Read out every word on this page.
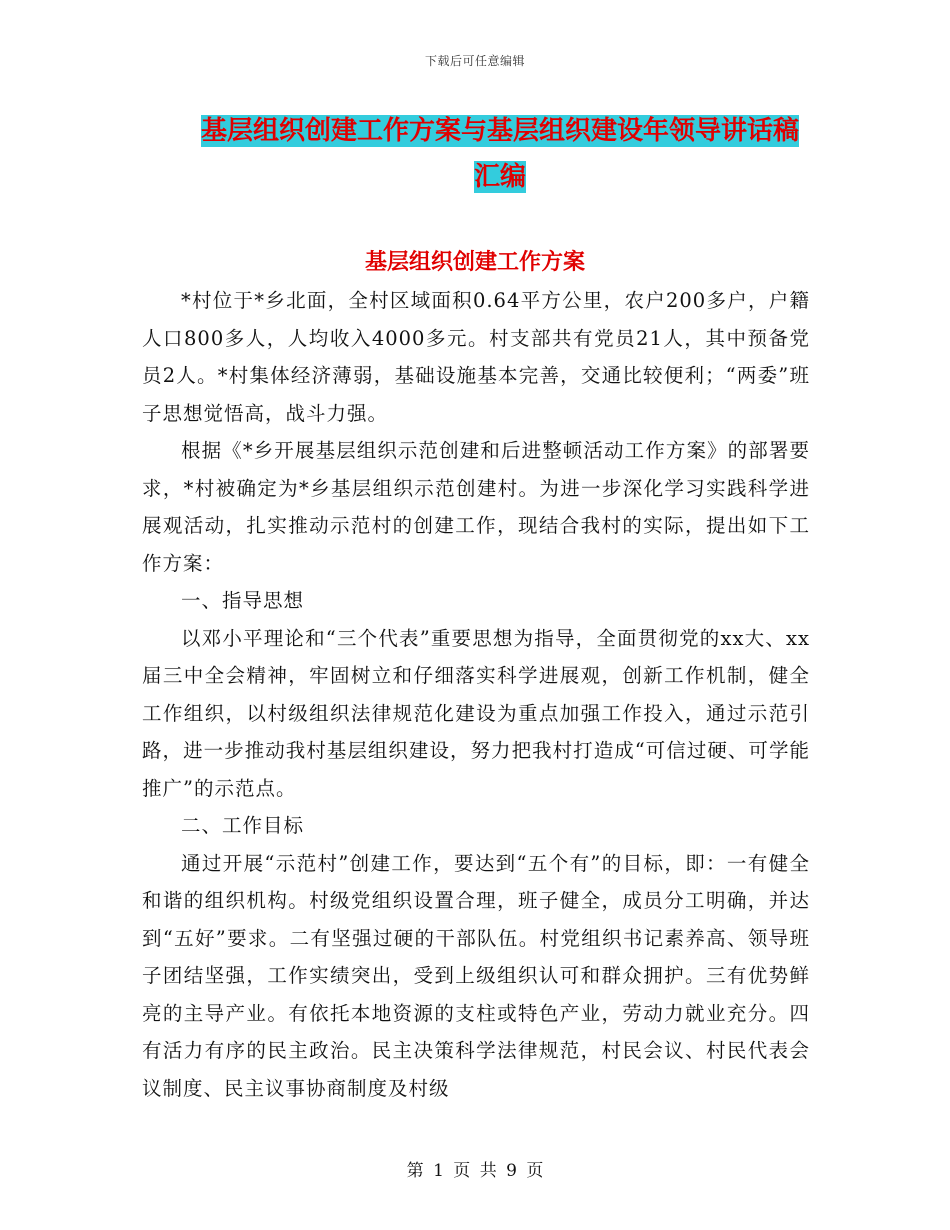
下载后可任意编辑
基层组织创建工作方案与基层组织建设年领导讲话稿
汇编
基层组织创建工作方案

*村位于*乡北面，全村区域面积0.64平方公里，农户200多户，户籍人口800多人，人均收入4000多元。村支部共有党员21人，其中预备党员2人。*村集体经济薄弱，基础设施基本完善，交通比较便利；“两委”班子思想觉悟高，战斗力强。

根据《*乡开展基层组织示范创建和后进整顿活动工作方案》的部署要求，*村被确定为*乡基层组织示范创建村。为进一步深化学习实践科学进展观活动，扎实推动示范村的创建工作，现结合我村的实际，提出如下工作方案：

一、指导思想

以邓小平理论和“三个代表”重要思想为指导，全面贯彻党的xx大、xx届三中全会精神，牢固树立和仔细落实科学进展观，创新工作机制，健全工作组织，以村级组织法律规范化建设为重点加强工作投入，通过示范引路，进一步推动我村基层组织建设，努力把我村打造成“可信过硬、可学能推广”的示范点。

二、工作目标

通过开展“示范村”创建工作，要达到“五个有”的目标，即：一有健全和谐的组织机构。村级党组织设置合理，班子健全，成员分工明确，并达到“五好”要求。二有坚强过硬的干部队伍。村党组织书记素养高、领导班子团结坚强，工作实绩突出，受到上级组织认可和群众拥护。三有优势鲜亮的主导产业。有依托本地资源的支柱或特色产业，劳动力就业充分。四有活力有序的民主政治。民主决策科学法律规范，村民会议、村民代表会议制度、民主议事协商制度及村级

第 1 页 共 9 页
